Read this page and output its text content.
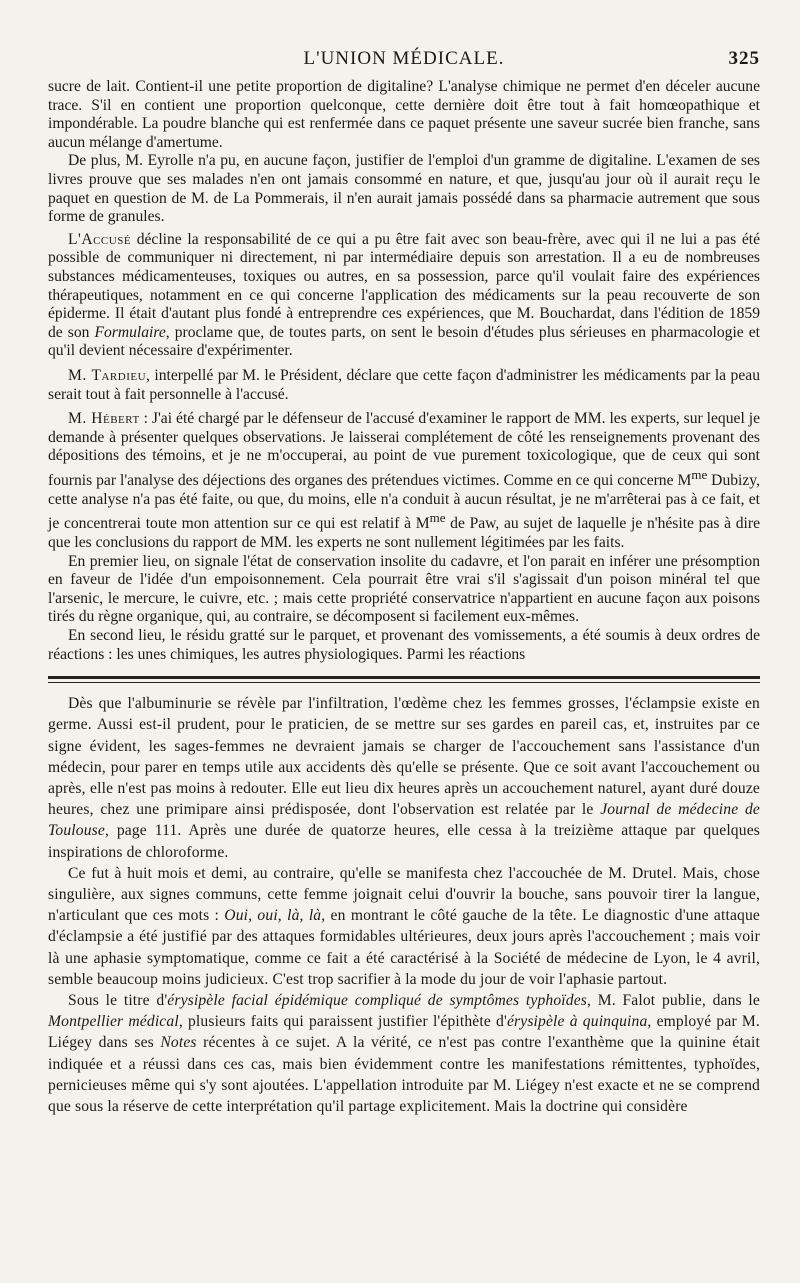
L'UNION MÉDICALE.	325

sucre de lait. Contient-il une petite proportion de digitaline? L'analyse chimique ne permet d'en déceler aucune trace. S'il en contient une proportion quelconque, cette dernière doit être tout à fait homœopathique et impondérable. La poudre blanche qui est renfermée dans ce paquet présente une saveur sucrée bien franche, sans aucun mélange d'amertume.

De plus, M. Eyrolle n'a pu, en aucune façon, justifier de l'emploi d'un gramme de digitaline. L'examen de ses livres prouve que ses malades n'en ont jamais consommé en nature, et que, jusqu'au jour où il aurait reçu le paquet en question de M. de La Pommerais, il n'en aurait jamais possédé dans sa pharmacie autrement que sous forme de granules.

L'Accusé décline la responsabilité de ce qui a pu être fait avec son beau-frère, avec qui il ne lui a pas été possible de communiquer ni directement, ni par intermédiaire depuis son arrestation. Il a eu de nombreuses substances médicamenteuses, toxiques ou autres, en sa possession, parce qu'il voulait faire des expériences thérapeutiques, notamment en ce qui concerne l'application des médicaments sur la peau recouverte de son épiderme. Il était d'autant plus fondé à entreprendre ces expériences, que M. Bouchardat, dans l'édition de 1859 de son Formulaire, proclame que, de toutes parts, on sent le besoin d'études plus sérieuses en pharmacologie et qu'il devient nécessaire d'expérimenter.

M. Tardieu, interpellé par M. le Président, déclare que cette façon d'administrer les médicaments par la peau serait tout à fait personnelle à l'accusé.

M. Hébert : J'ai été chargé par le défenseur de l'accusé d'examiner le rapport de MM. les experts, sur lequel je demande à présenter quelques observations. Je laisserai complétement de côté les renseignements provenant des dépositions des témoins, et je ne m'occuperai, au point de vue purement toxicologique, que de ceux qui sont fournis par l'analyse des déjections des organes des prétendues victimes. Comme en ce qui concerne $M^{me}$ Dubizy, cette analyse n'a pas été faite, ou que, du moins, elle n'a conduit à aucun résultat, je ne m'arrêterai pas à ce fait, et je concentrerai toute mon attention sur ce qui est relatif à $M^{me}$ de Paw, au sujet de laquelle je n'hésite pas à dire que les conclusions du rapport de MM. les experts ne sont nullement légitimées par les faits.

En premier lieu, on signale l'état de conservation insolite du cadavre, et l'on parait en inférer une présomption en faveur de l'idée d'un empoisonnement. Cela pourrait être vrai s'il s'agissait d'un poison minéral tel que l'arsenic, le mercure, le cuivre, etc. ; mais cette propriété conservatrice n'appartient en aucune façon aux poisons tirés du règne organique, qui, au contraire, se décomposent si facilement eux-mêmes.

En second lieu, le résidu gratté sur le parquet, et provenant des vomissements, a été soumis à deux ordres de réactions : les unes chimiques, les autres physiologiques. Parmi les réactions

Dès que l'albuminurie se révèle par l'infiltration, l'œdème chez les femmes grosses, l'éclampsie existe en germe. Aussi est-il prudent, pour le praticien, de se mettre sur ses gardes en pareil cas, et, instruites par ce signe évident, les sages-femmes ne devraient jamais se charger de l'accouchement sans l'assistance d'un médecin, pour parer en temps utile aux accidents dès qu'elle se présente. Que ce soit avant l'accouchement ou après, elle n'est pas moins à redouter. Elle eut lieu dix heures après un accouchement naturel, ayant duré douze heures, chez une primipare ainsi prédisposée, dont l'observation est relatée par le Journal de médecine de Toulouse, page 111. Après une durée de quatorze heures, elle cessa à la treizième attaque par quelques inspirations de chloroforme.

Ce fut à huit mois et demi, au contraire, qu'elle se manifesta chez l'accouchée de M. Drutel. Mais, chose singulière, aux signes communs, cette femme joignait celui d'ouvrir la bouche, sans pouvoir tirer la langue, n'articulant que ces mots : Oui, oui, là, là, en montrant le côté gauche de la tête. Le diagnostic d'une attaque d'éclampsie a été justifié par des attaques formidables ultérieures, deux jours après l'accouchement ; mais voir là une aphasie symptomatique, comme ce fait a été caractérisé à la Société de médecine de Lyon, le 4 avril, semble beaucoup moins judicieux. C'est trop sacrifier à la mode du jour de voir l'aphasie partout.

Sous le titre d'érysipèle facial épidémique compliqué de symptômes typhoïdes, M. Falot publie, dans le Montpellier médical, plusieurs faits qui paraissent justifier l'épithète d'érysipèle à quinquina, employé par M. Liégey dans ses Notes récentes à ce sujet. A la vérité, ce n'est pas contre l'exanthème que la quinine était indiquée et a réussi dans ces cas, mais bien évidemment contre les manifestations rémittentes, typhoïdes, pernicieuses même qui s'y sont ajoutées. L'appellation introduite par M. Liégey n'est exacte et ne se comprend que sous la réserve de cette interprétation qu'il partage explicitement. Mais la doctrine qui considère
